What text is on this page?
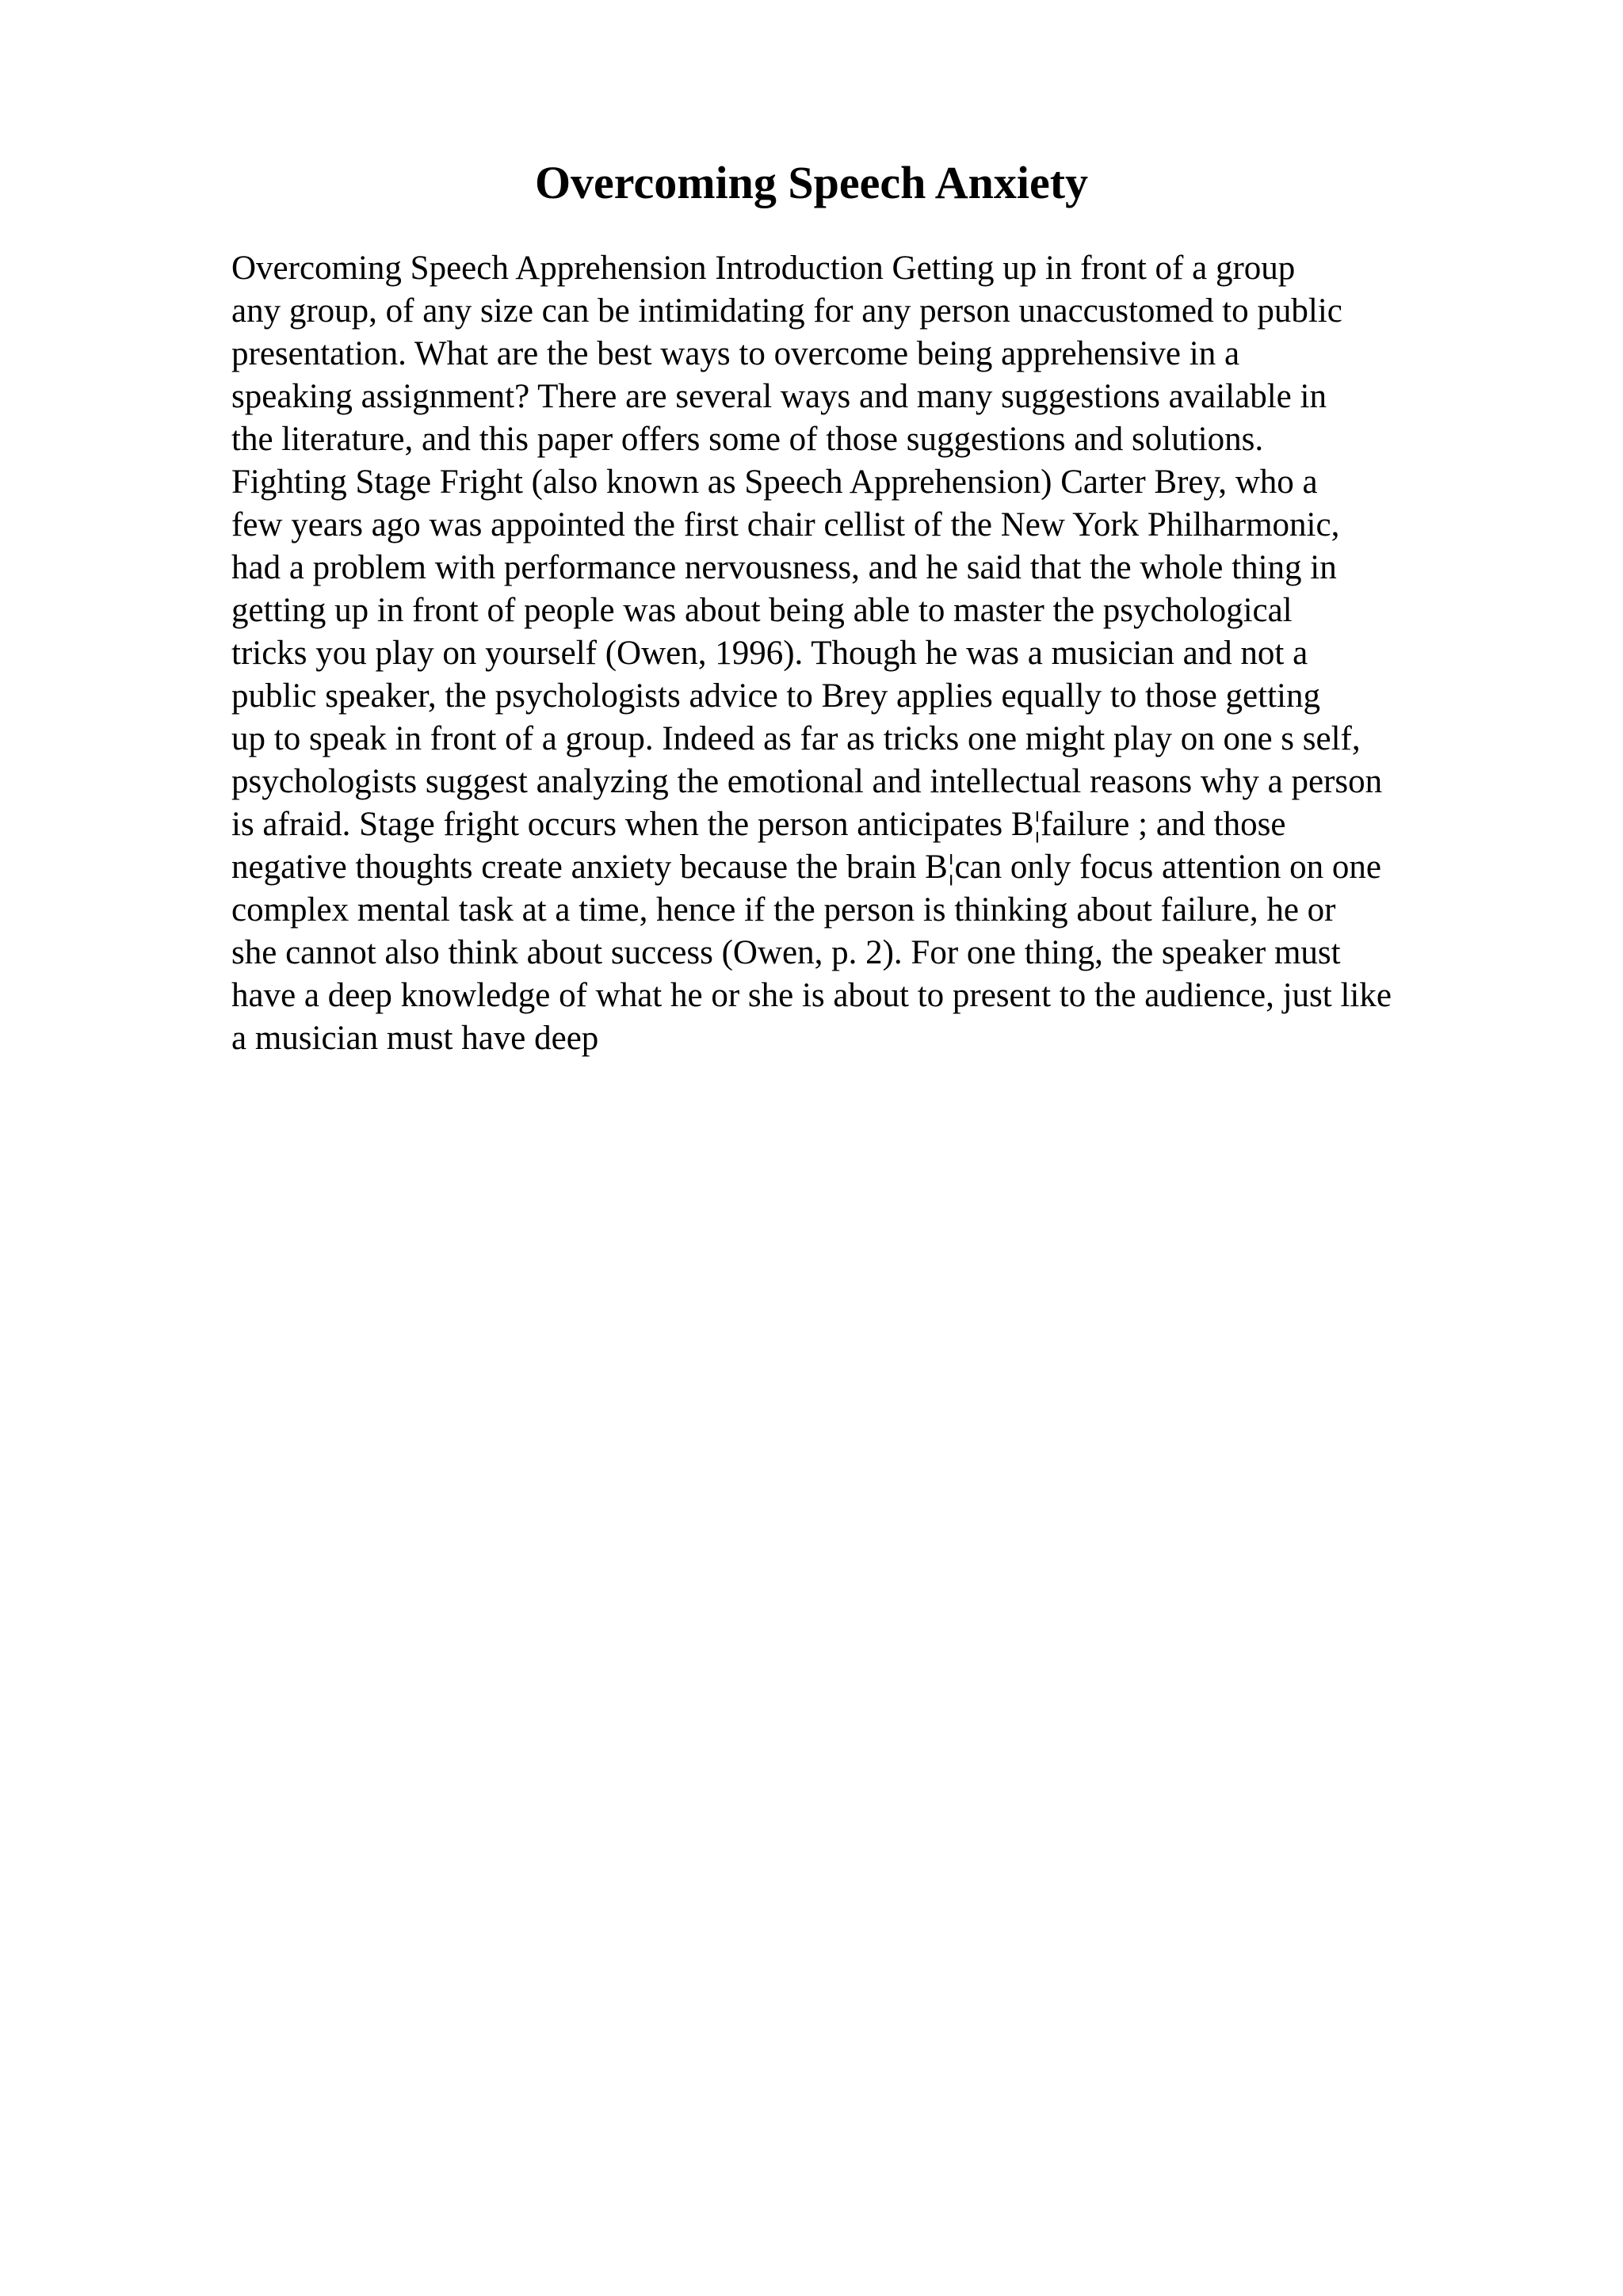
Overcoming Speech Anxiety
Overcoming Speech Apprehension Introduction Getting up in front of a group
any group, of any size can be intimidating for any person unaccustomed to public
presentation. What are the best ways to overcome being apprehensive in a
speaking assignment? There are several ways and many suggestions available in
the literature, and this paper offers some of those suggestions and solutions.
Fighting Stage Fright (also known as Speech Apprehension) Carter Brey, who a
few years ago was appointed the first chair cellist of the New York Philharmonic,
had a problem with performance nervousness, and he said that the whole thing in
getting up in front of people was about being able to master the psychological
tricks you play on yourself (Owen, 1996). Though he was a musician and not a
public speaker, the psychologists advice to Brey applies equally to those getting
up to speak in front of a group. Indeed as far as tricks one might play on one s self,
psychologists suggest analyzing the emotional and intellectual reasons why a person
is afraid. Stage fright occurs when the person anticipates B¦failure ; and those
negative thoughts create anxiety because the brain B¦can only focus attention on one
complex mental task at a time, hence if the person is thinking about failure, he or
she cannot also think about success (Owen, p. 2). For one thing, the speaker must
have a deep knowledge of what he or she is about to present to the audience, just like
a musician must have deep
